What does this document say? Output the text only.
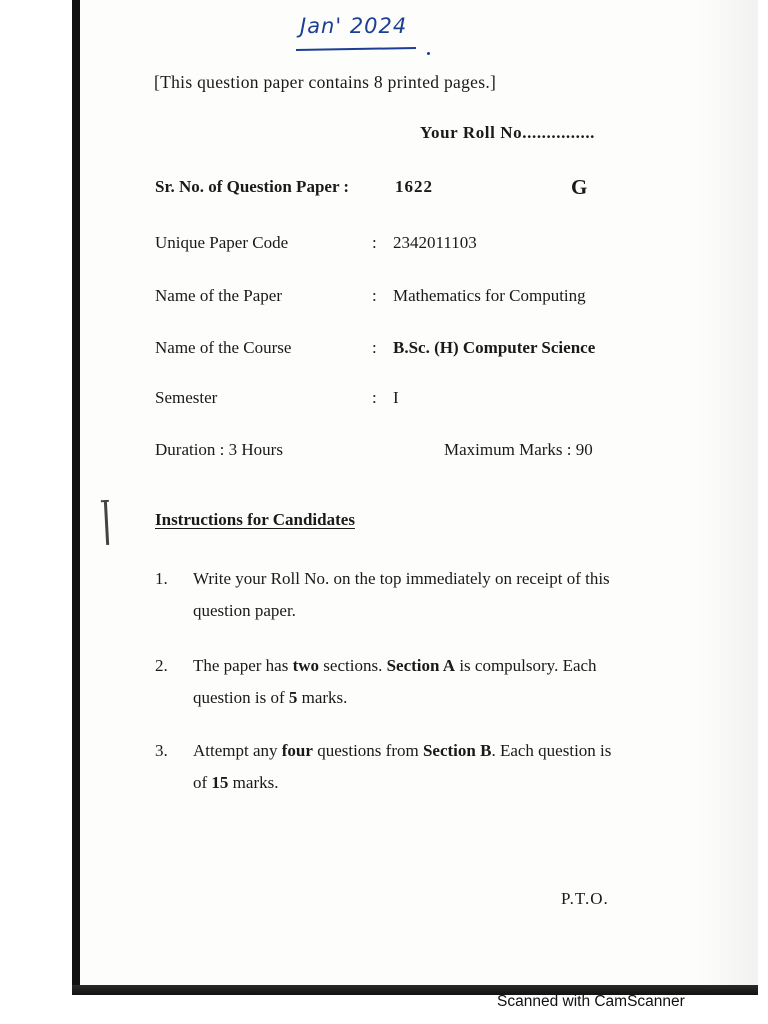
Jan' 2024
[This question paper contains 8 printed pages.]
Your Roll No...............
Sr. No. of Question Paper :	1622	G
Unique Paper Code	: 2342011103
Name of the Paper	: Mathematics for Computing
Name of the Course	: B.Sc. (H) Computer Science
Semester	: I
Duration : 3 Hours	Maximum Marks : 90
Instructions for Candidates
1. Write your Roll No. on the top immediately on receipt of this question paper.
2. The paper has two sections. Section A is compulsory. Each question is of 5 marks.
3. Attempt any four questions from Section B. Each question is of 15 marks.
P.T.O.
Scanned with CamScanner
